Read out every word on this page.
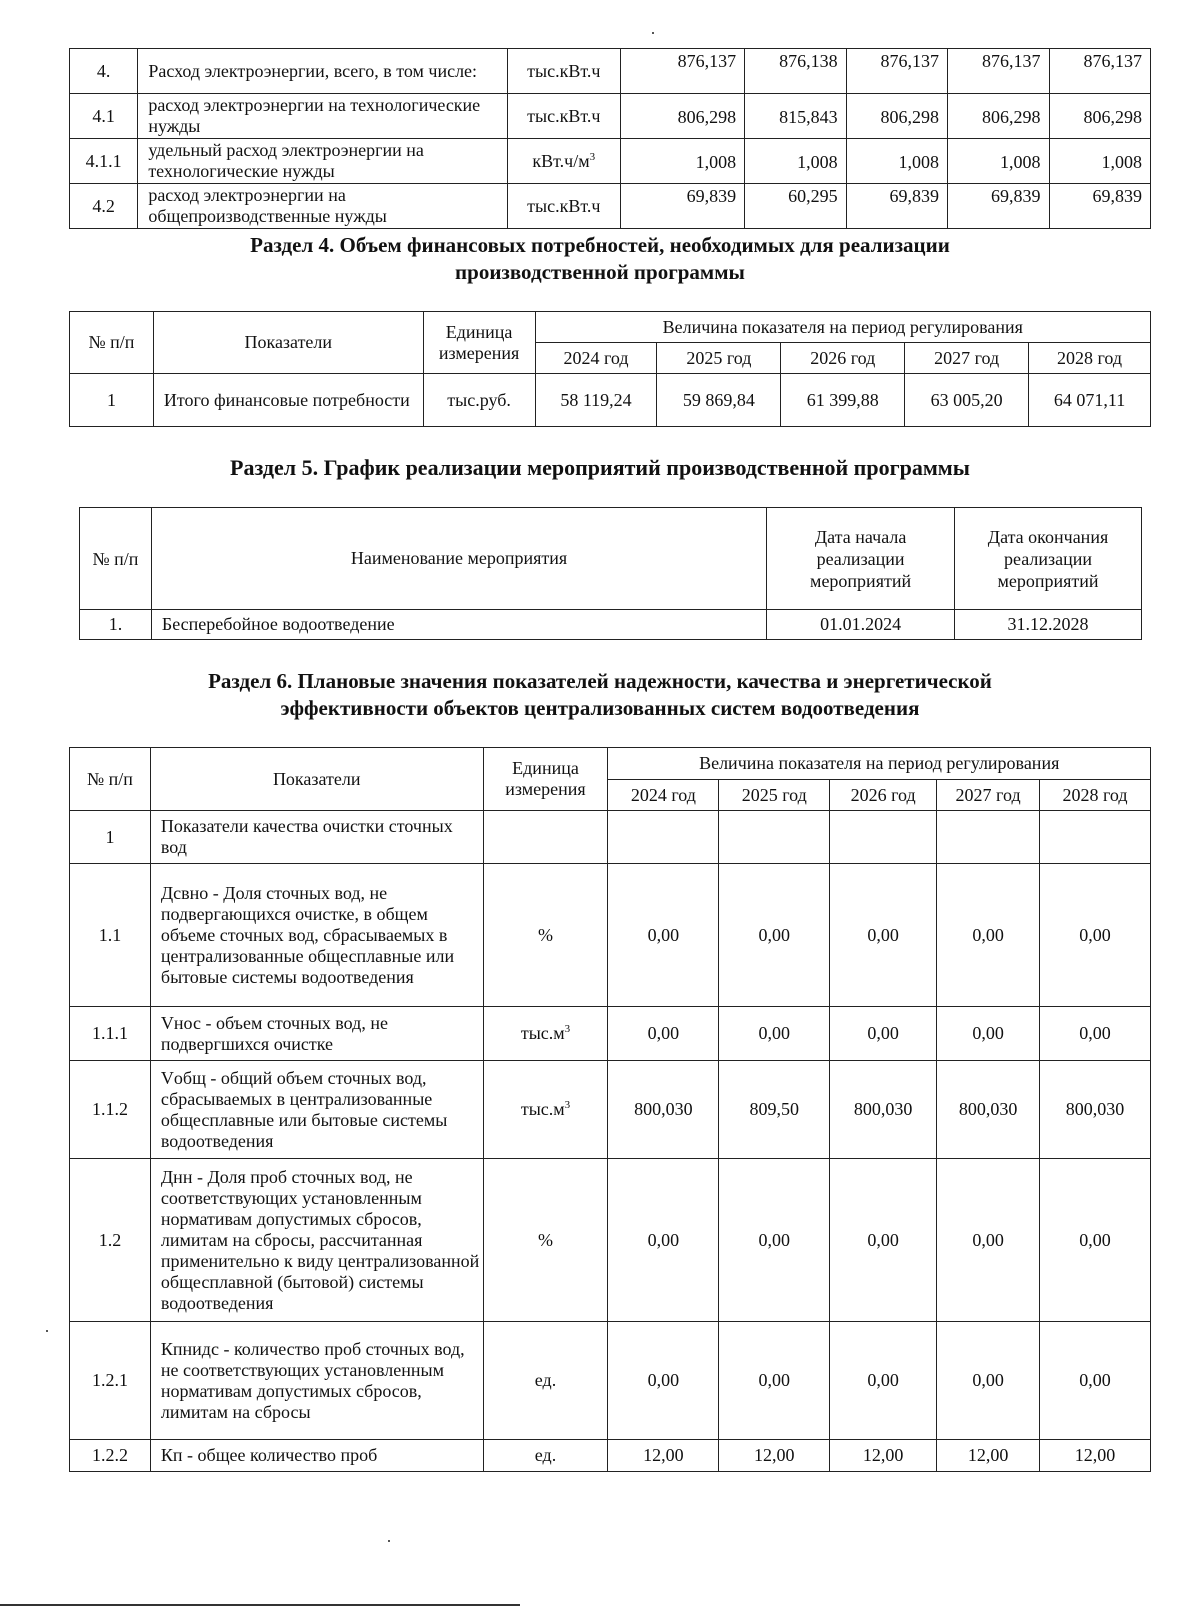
4.	Расход электроэнергии, всего, в том числе:	тыс.кВт.ч	876,137	876,138	876,137	876,137	876,137
4.1	расход электроэнергии на технологические нужды	тыс.кВт.ч	806,298	815,843	806,298	806,298	806,298
4.1.1	удельный расход электроэнергии на технологические нужды	$кВт.ч/м^3$	1,008	1,008	1,008	1,008	1,008
4.2	расход электроэнергии на общепроизводственные нужды	тыс.кВт.ч	69,839	60,295	69,839	69,839	69,839
Раздел 4. Объем финансовых потребностей, необходимых для реализации
производственной программы
№ п/п	Показатели	Единица измерения	Величина показателя на период регулирования				
			2024 год	2025 год	2026 год	2027 год	2028 год
1	Итого финансовые потребности	тыс.руб.	58 119,24	59 869,84	61 399,88	63 005,20	64 071,11
Раздел 5. График реализации мероприятий производственной программы
№ п/п	Наименование мероприятия	Дата начала реализации мероприятий	Дата окончания реализации мероприятий
1.	Бесперебойное водоотведение	01.01.2024	31.12.2028
Раздел 6. Плановые значения показателей надежности, качества и энергетической
эффективности объектов централизованных систем водоотведения
№ п/п	Показатели	Единица измерения	Величина показателя на период регулирования				
			2024 год	2025 год	2026 год	2027 год	2028 год
1	Показатели качества очистки сточных вод						
1.1	Дсвно - Доля сточных вод, не подвергающихся очистке, в общем объеме сточных вод, сбрасываемых в централизованные общесплавные или бытовые системы водоотведения	%	0,00	0,00	0,00	0,00	0,00
1.1.1	Vнос - объем сточных вод, не подвергшихся очистке	$тыс.м^3$	0,00	0,00	0,00	0,00	0,00
1.1.2	Vобщ - общий объем сточных вод, сбрасываемых в централизованные общесплавные или бытовые системы водоотведения	$тыс.м^3$	800,030	809,50	800,030	800,030	800,030
1.2	Днн - Доля проб сточных вод, не соответствующих установленным нормативам допустимых сбросов, лимитам на сбросы, рассчитанная применительно к виду централизованной общесплавной (бытовой) системы водоотведения	%	0,00	0,00	0,00	0,00	0,00
1.2.1	Кпнидс - количество проб сточных вод, не соответствующих установленным нормативам допустимых сбросов, лимитам на сбросы	ед.	0,00	0,00	0,00	0,00	0,00
1.2.2	Кп - общее количество проб	ед.	12,00	12,00	12,00	12,00	12,00
